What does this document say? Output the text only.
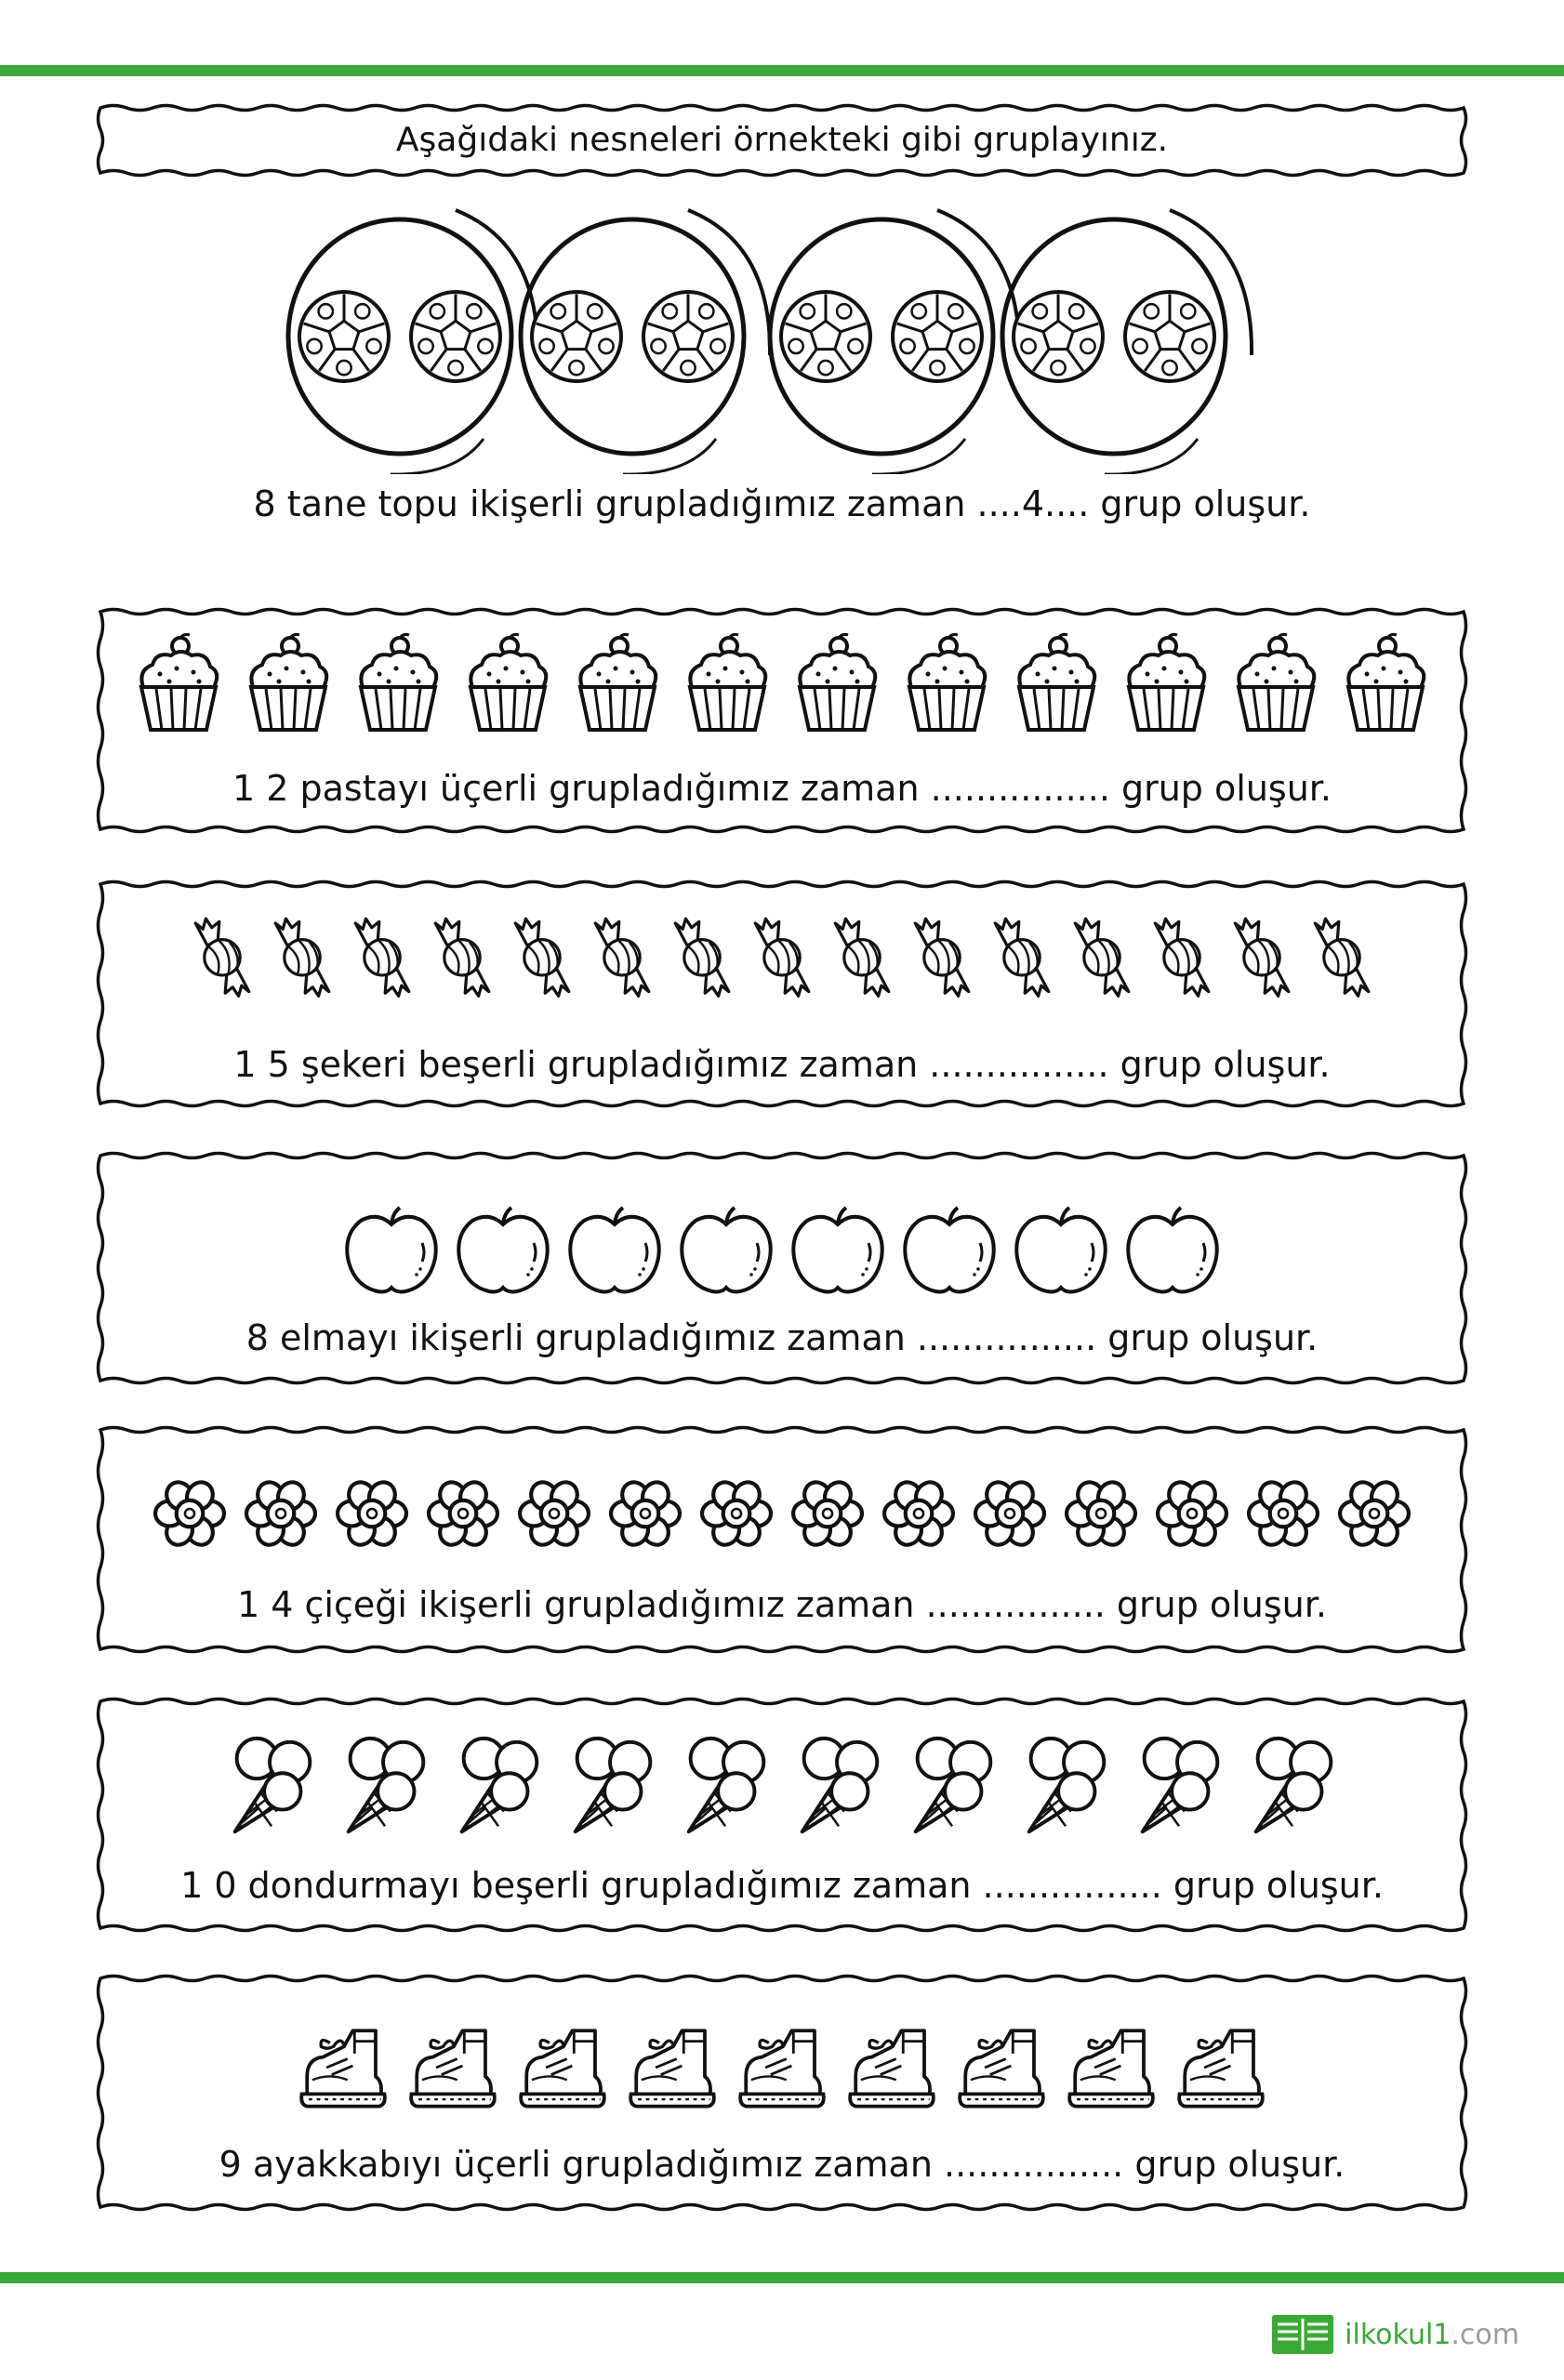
Aşağıdaki nesneleri örnekteki gibi gruplayınız.
8 tane topu ikişerli grupladığımız zaman ....4.... grup oluşur.
1 2 pastayı üçerli grupladığımız zaman ................ grup oluşur.
1 5 şekeri beşerli grupladığımız zaman ................ grup oluşur.
8 elmayı ikişerli grupladığımız zaman ................ grup oluşur.
1 4 çiçeği ikişerli grupladığımız zaman ................ grup oluşur.
1 0 dondurmayı beşerli grupladığımız zaman ................ grup oluşur.
9 ayakkabıyı üçerli grupladığımız zaman ................ grup oluşur.
ilkokul1.com
